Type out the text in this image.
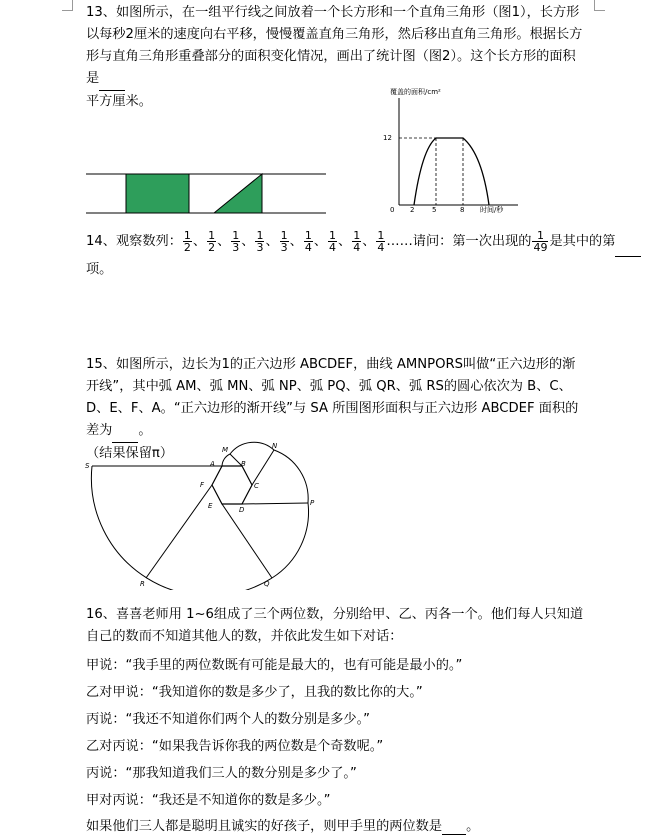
13、如图所示，在一组平行线之间放着一个长方形和一个直角三角形（图1），长方形以每秒2厘米的速度向右平移，慢慢覆盖直角三角形，然后移出直角三角形。根据长方形与直角三角形重叠部分的面积变化情况，画出了统计图（图2）。这个长方形的面积是
平方厘米。

覆盖的面积/cm²
时间/秒
12
0 2	5	8
14、观察数列： $\frac{1}{2}$ 、 $\frac{1}{2}$ 、 $\frac{1}{3}$ 、 $\frac{1}{3}$ 、 $\frac{1}{3}$ 、 $\frac{1}{4}$ 、 $\frac{1}{4}$ 、 $\frac{1}{4}$ 、 $\frac{1}{4}$ ……请问：第一次出现的 $\frac{1}{49}$ 是其中的第
项。

15、如图所示，边长为1的正六边形 ABCDEF，曲线 AMNPORS叫做“正六边形的渐开线”，其中弧 AM、弧 MN、弧 NP、弧 PQ、弧 QR、弧 RS的圆心依次为 B、C、D、E、F、A。“正六边形的渐开线”与 SA 所围图形面积与正六边形 ABCDEF 面积的差为 。
（结果保留π）

S	A
M	N
B
F	C
E	D
P
R	Q

16、喜喜老师用 1~6组成了三个两位数，分别给甲、乙、丙各一个。他们每人只知道自己的数而不知道其他人的数，并依此发生如下对话：

甲说：“我手里的两位数既有可能是最大的，也有可能是最小的。”
乙对甲说：“我知道你的数是多少了，且我的数比你的大。”
丙说：“我还不知道你们两个人的数分别是多少。”
乙对丙说：“如果我告诉你我的两位数是个奇数呢。”
丙说：“那我知道我们三人的数分别是多少了。”
甲对丙说：“我还是不知道你的数是多少。”
如果他们三人都是聪明且诚实的好孩子，则甲手里的两位数是 。
